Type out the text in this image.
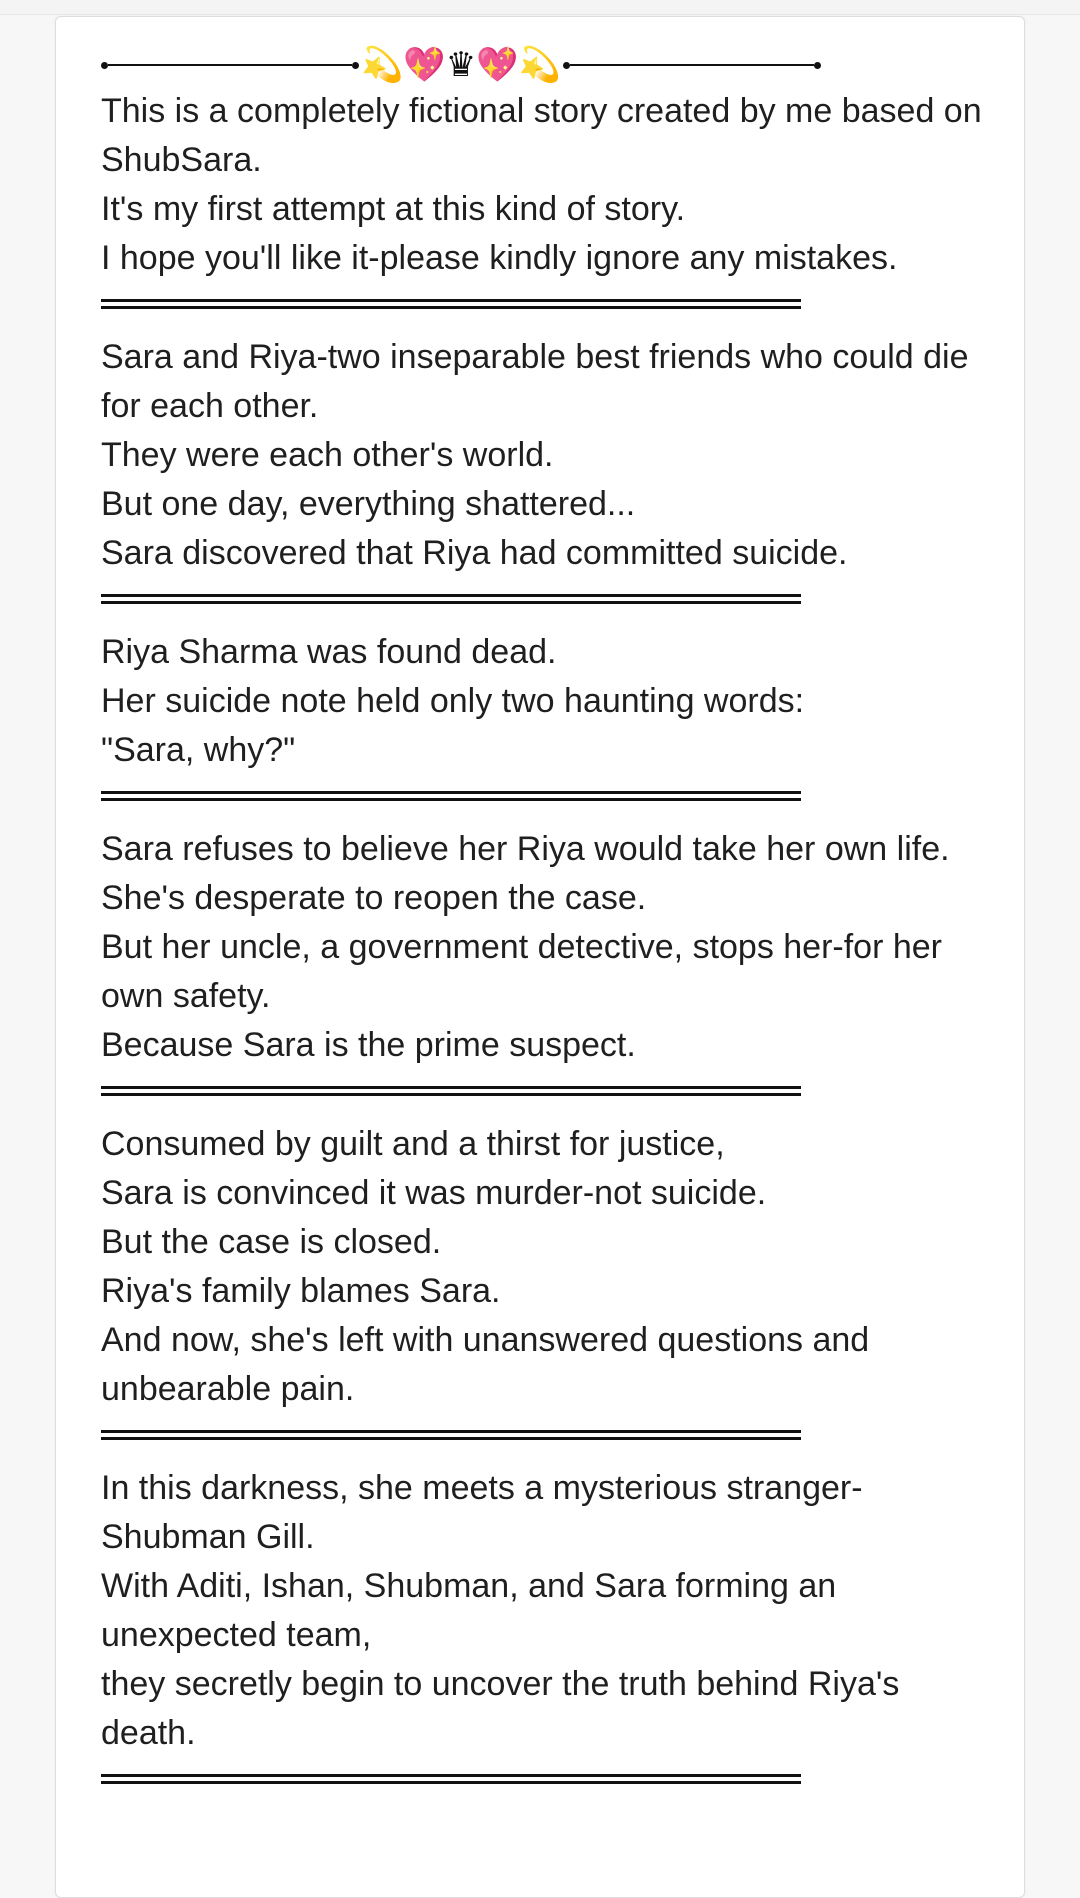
💫💖♛💖💫

This is a completely fictional story created by me based on ShubSara.

It's my first attempt at this kind of story.

I hope you'll like it-please kindly ignore any mistakes.

Sara and Riya-two inseparable best friends who could die for each other.

They were each other's world.

But one day, everything shattered...

Sara discovered that Riya had committed suicide.

Riya Sharma was found dead.

Her suicide note held only two haunting words:

"Sara, why?"

Sara refuses to believe her Riya would take her own life.

She's desperate to reopen the case.

But her uncle, a government detective, stops her-for her own safety.

Because Sara is the prime suspect.

Consumed by guilt and a thirst for justice,

Sara is convinced it was murder-not suicide.

But the case is closed.

Riya's family blames Sara.

And now, she's left with unanswered questions and unbearable pain.

In this darkness, she meets a mysterious stranger-Shubman Gill.

With Aditi, Ishan, Shubman, and Sara forming an unexpected team,

they secretly begin to uncover the truth behind Riya's death.
